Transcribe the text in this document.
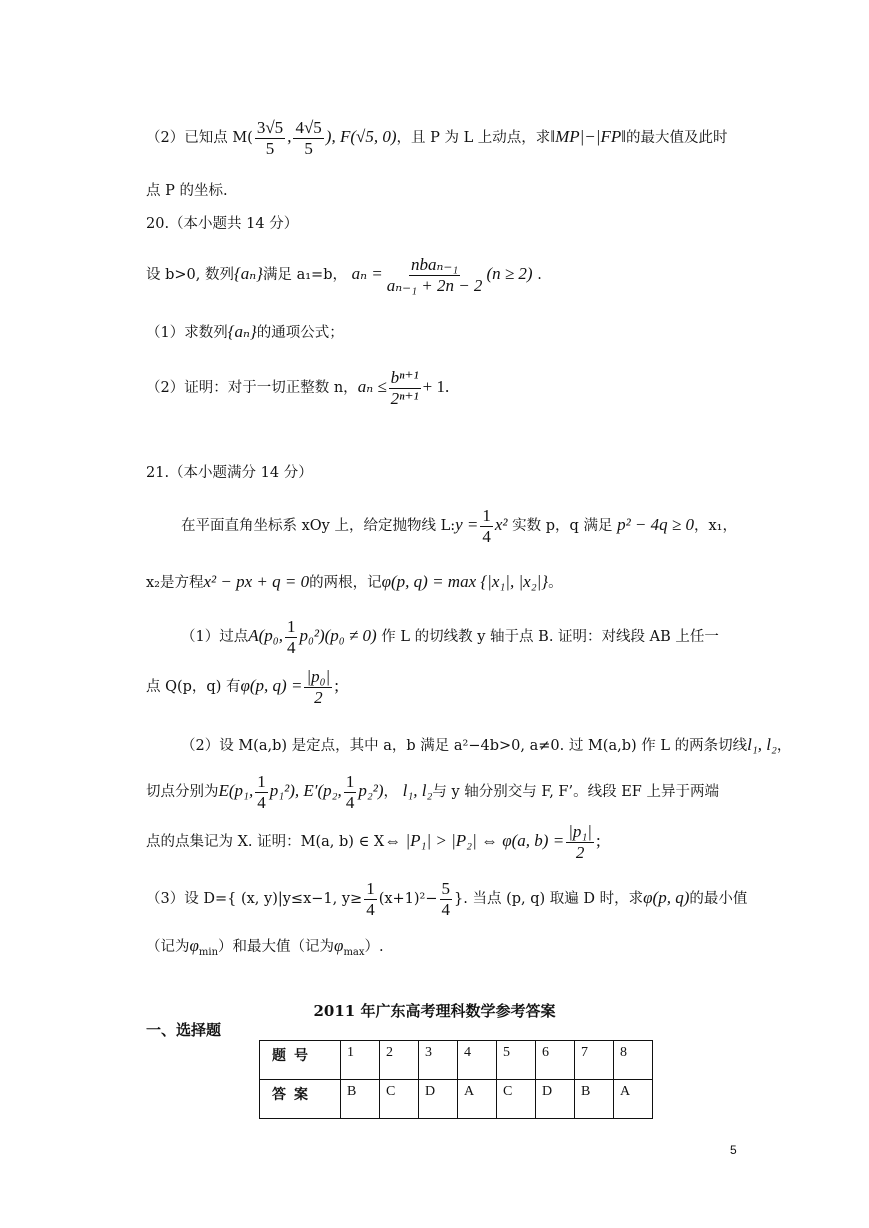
（2）已知点 $M( \frac{3√5}{5}$ , $\frac{4√5}{5}$ ), F(√5, 0)，且 P 为 L 上动点，求‖MP|−|FP‖的最大值及此时
点 P 的坐标.
20.（本小题共 14 分）
设 b>0, 数列{aₙ}满足 a₁=b， $a_n = \frac{\text{nbaₙ₋₁}}{\text{aₙ₋₁ + 2n − 2}} (n \ge 2)$ .
（1）求数列{aₙ}的通项公式；
（2）证明：对于一切正整数 n，$a_n \le \frac{\text{bⁿ⁺¹}}{\text{2ⁿ⁺¹}} + 1$.
21.（本小题满分 14 分）
在平面直角坐标系 xOy 上，给定抛物线 L:y = $\frac{1}{4} x^2$ 实数 p，q 满足 p² − 4q ≥ 0，x₁，
x₂是方程x² − px + q = 0的两根，记φ(p, q) = max {|x₁|, |x₂|}。
（1）过点A(p₀, $\frac{1}{4} p_0^2)(p_0 \ne 0)$ 作 L 的切线教 y 轴于点 B. 证明：对线段 AB 上任一
点 Q(p，q) 有φ(p, $q) = \frac{\text{|p₀|}}{2}$ ;
（2）设 M(a,b) 是定点，其中 a，b 满足 a²−4b>0, a≠0. 过 M(a,b) 作 L 的两条切线l₁, l₂，
切点分别为E(p₁, $\frac{1}{4} p_1^2$), E′(p₂, $\frac{1}{4} p_2^2$)， l₁, l₂与 y 轴分别交与 F, F’。线段 EF 上异于两端
点的点集记为 X. 证明：M(a, b) ∈ X⇔ |P₁| > |P₂| ⇔ φ(a, $b) = \frac{\text{|p₁|}}{2}$ ;
（3）设 D={ (x, y)|y≤x−1, $y\ge \frac{1}{4} (x+1)^2- \frac{5}{4}$ }. 当点 (p, q) 取遍 D 时，求φ(p, q)的最小值
（记为$\varphi_{min}$）和最大值（记为$\varphi_{max}$）.
2011 年广东高考理科数学参考答案
一、选择题
题号	1	2	3	4	5	6	7	8
答案	B	C	D	A	C	D	B	A
5
